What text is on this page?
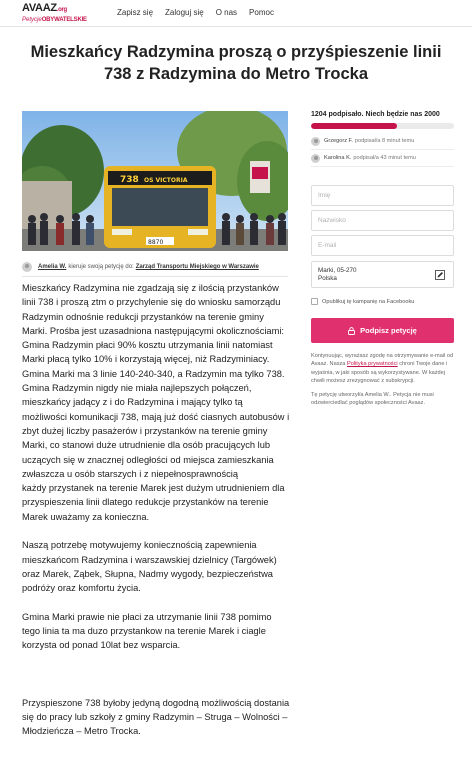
AVAAZ.org
PetycjeOBYWATELSKIE
Zapisz się Zaloguj się O nas Pomoc
Mieszkańcy Radzymina proszą o przyśpieszenie linii 738 z Radzymina do Metro Trocka
738 OS VICTORIA
8870
Amelia W. kieruje swoją petycję do: Zarząd Transportu Miejskiego w Warszawie

Mieszkańcy Radzymina nie zgadzają się z ilością przystanków linii 738 i proszą ztm o przychylenie się do wniosku samorządu Radzymin odnośnie redukcji przystanków na terenie gminy Marki. Prośba jest uzasadniona następującymi okolicznościami:

Gmina Radzymin płaci 90% kosztu utrzymania linii natomiast Marki płacą tylko 10% i korzystają więcej, niż Radzyminiacy. Gmina Marki ma 3 linie 140-240-340, a Radzymin ma tylko 738.

Gmina Radzymin nigdy nie miała najlepszych połączeń, mieszkańcy jadący z i do Radzymina i mający tylko tą możliwości komunikacji 738, mają już dość ciasnych autobusów i zbyt dużej liczby pasażerów i przystanków na terenie gminy Marki, co stanowi duże utrudnienie dla osób pracujących lub uczących się w znacznej odległości od miejsca zamieszkania zwłaszcza u osób starszych i z niepełnosprawnością

każdy przystanek na terenie Marek jest dużym utrudnieniem dla przyspieszenia linii dlatego redukcje przystanków na terenie Marek uważamy za konieczna.

Naszą potrzebę motywujemy koniecznością zapewnienia mieszkańcom Radzymina i warszawskiej dzielnicy (Targówek) oraz Marek, Ząbek, Słupna, Nadmy wygody, bezpieczeństwa podróży oraz komfortu życia.

Gmina Marki prawie nie płaci za utrzymanie linii 738 pomimo tego linia ta ma duzo przystankow na terenie Marek i ciagle korzysta od ponad 10lat bez wsparcia.

Przyspieszone 738 byłoby jedyną dogodną możliwością dostania się do pracy lub szkoły z gminy Radzymin – Struga – Wolności – Młodzieńcza – Metro Trocka.

1204 podpisało. Niech będzie nas 2000
Grzegorz F. podpisał/a 8 minut temu
Karolina K. podpisał/a 43 minut temu
Imię
Nazwisko
E-mail
Marki, 05-270
Polska
Opublikuj tę kampanię na Facebooku
Podpisz petycję
Kontynuując, wyrażasz zgodę na otrzymywanie e-mail od Avaaz. Nasza Polityka prywatności chroni Twoje dane i wyjaśnia, w jaki sposób są wykorzystywane. W każdej chwili możesz zrezygnować z subskrypcji.
Tę petycję utworzył/a Amelia W.. Petycja nie musi odzwierciedlać poglądów społeczności Avaaz.
